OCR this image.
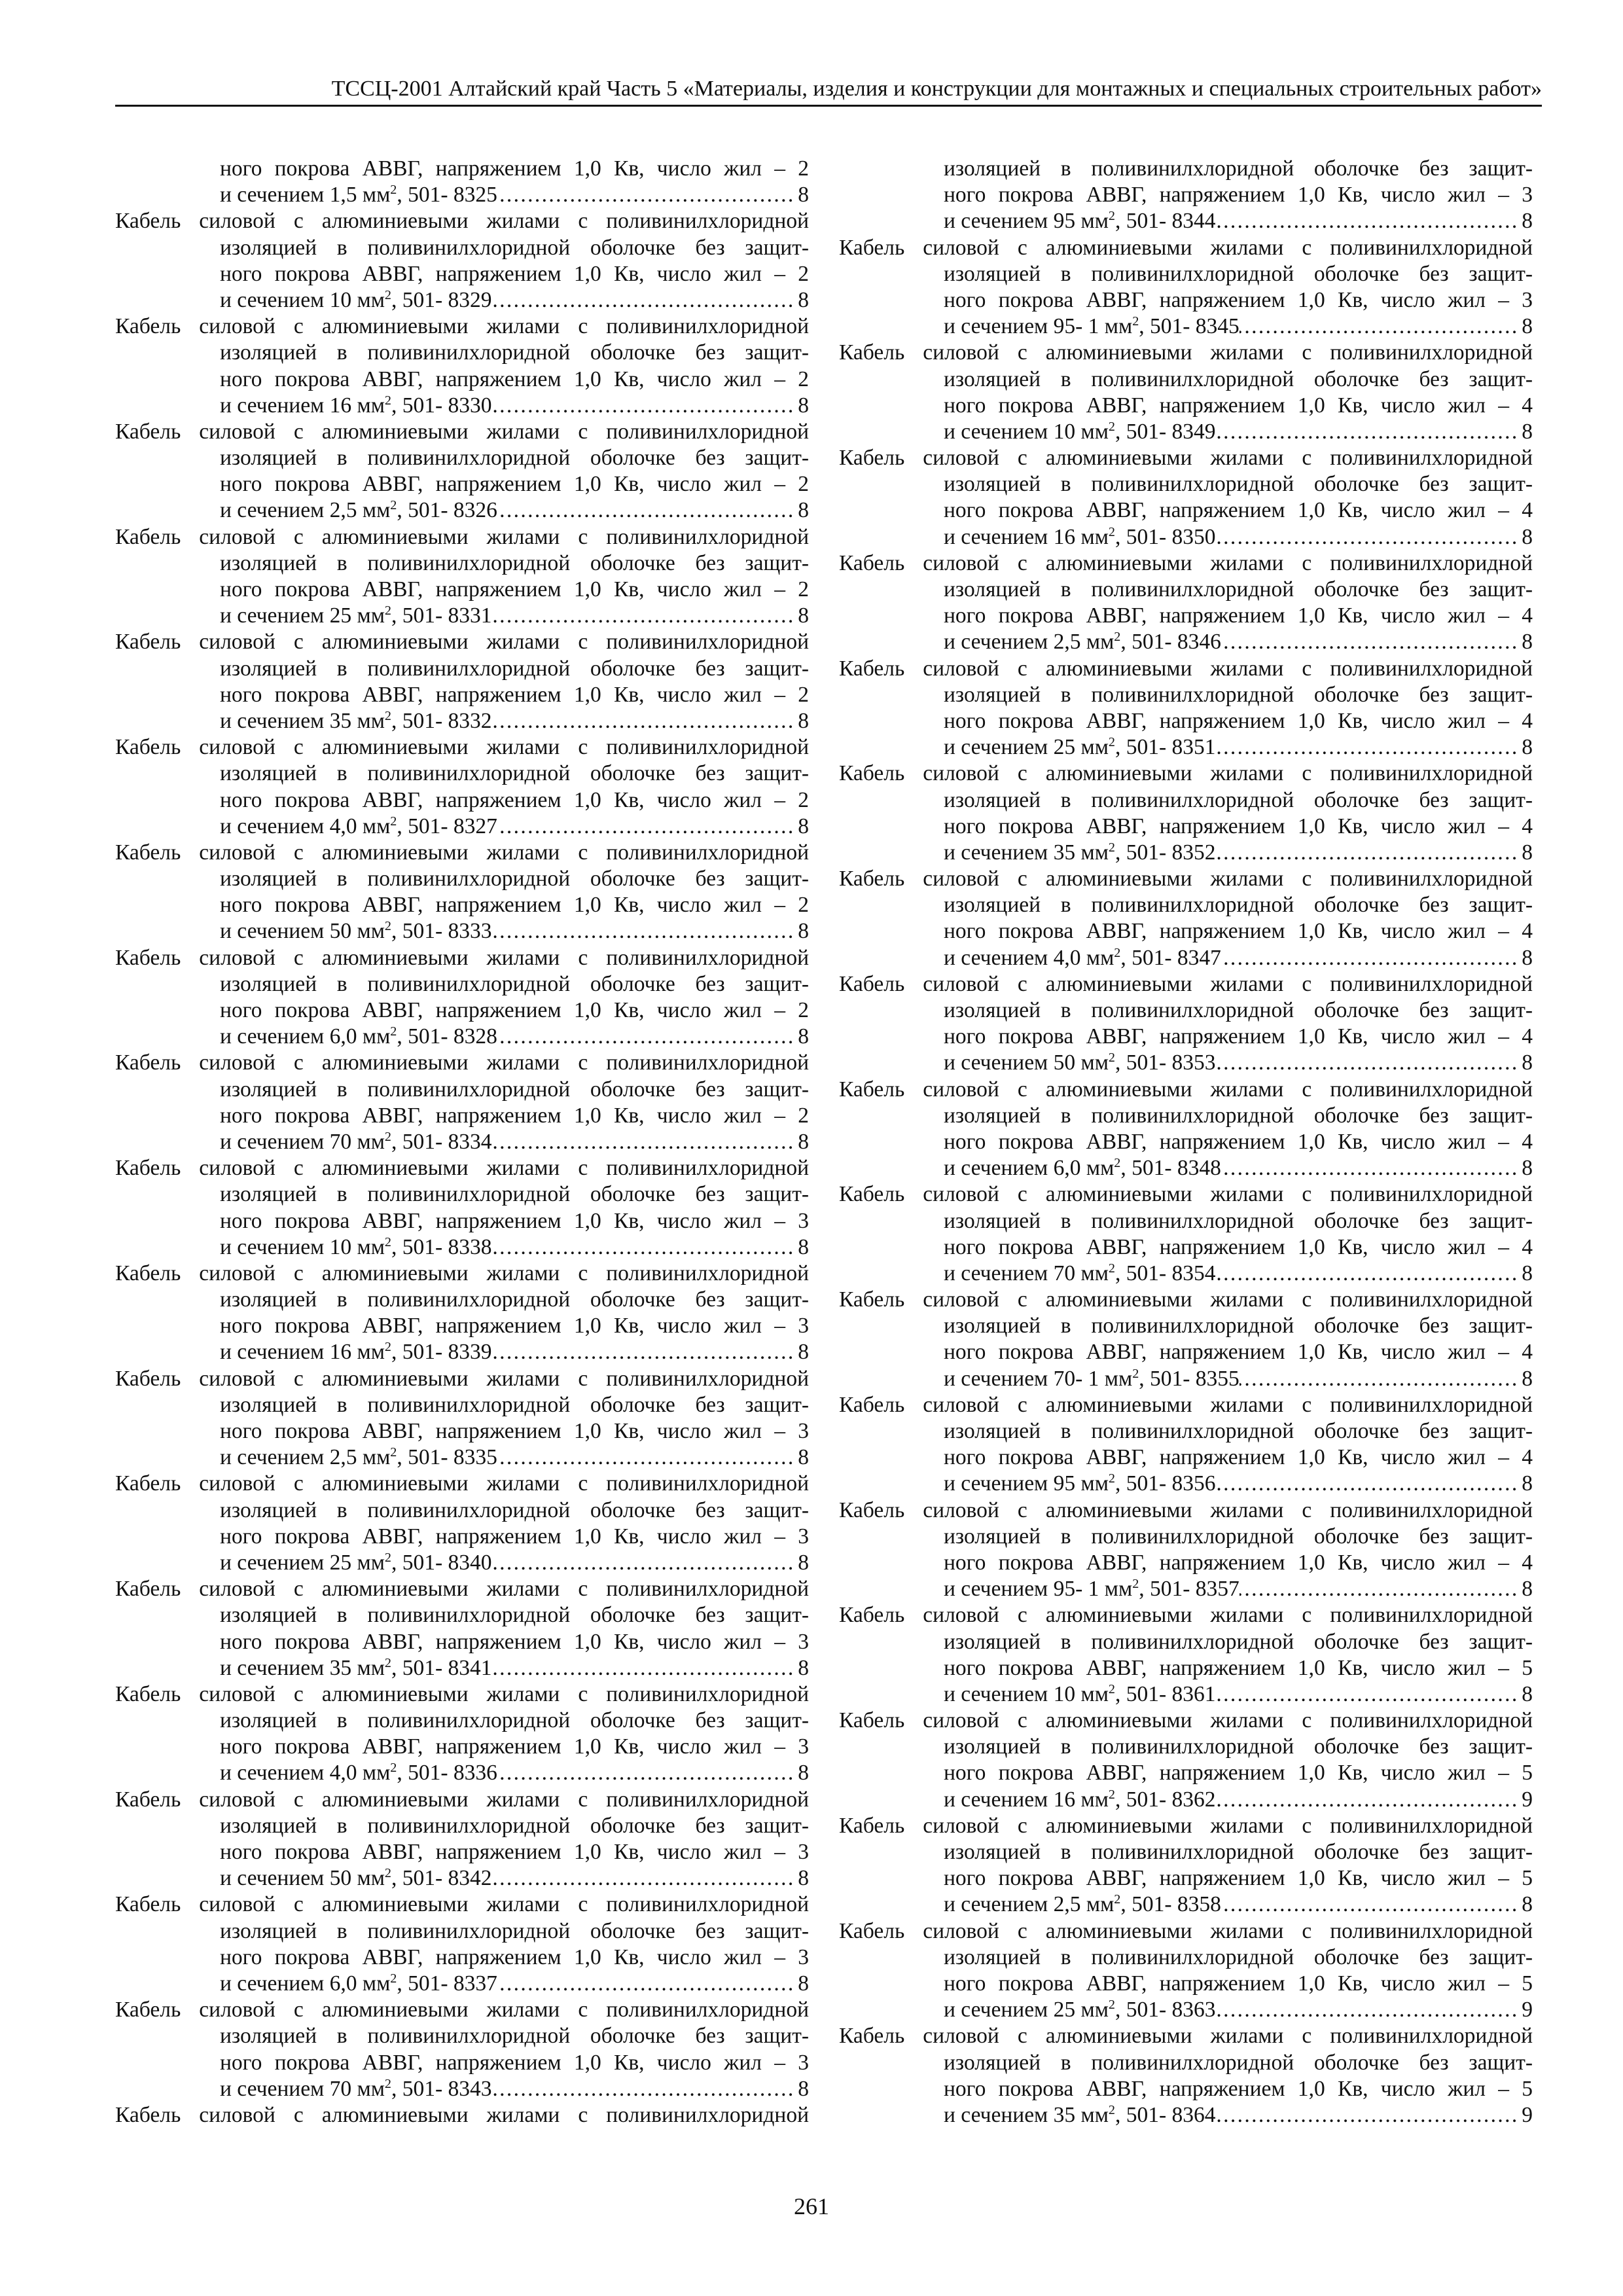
ТССЦ-2001 Алтайский край Часть 5 «Материалы, изделия и конструкции для монтажных и специальных строительных работ»
ного покрова АВВГ, напряжением 1,0 Кв, число жил – 2
и сечением 1,5 $мм^2$, 501- 8325 . . .	8
Кабель силовой с алюминиевыми жилами с поливинилхлоридной
изоляцией в поливинилхлоридной оболочке без защит-
ного покрова АВВГ, напряжением 1,0 Кв, число жил – 2
и сечением 10 $мм^2$, 501- 8329 . . .	8
Кабель силовой с алюминиевыми жилами с поливинилхлоридной
изоляцией в поливинилхлоридной оболочке без защит-
ного покрова АВВГ, напряжением 1,0 Кв, число жил – 2
и сечением 16 $мм^2$, 501- 8330 . . .	8
Кабель силовой с алюминиевыми жилами с поливинилхлоридной
изоляцией в поливинилхлоридной оболочке без защит-
ного покрова АВВГ, напряжением 1,0 Кв, число жил – 2
и сечением 2,5 $мм^2$, 501- 8326 . . .	8
Кабель силовой с алюминиевыми жилами с поливинилхлоридной
изоляцией в поливинилхлоридной оболочке без защит-
ного покрова АВВГ, напряжением 1,0 Кв, число жил – 2
и сечением 25 $мм^2$, 501- 8331 . . .	8
Кабель силовой с алюминиевыми жилами с поливинилхлоридной
изоляцией в поливинилхлоридной оболочке без защит-
ного покрова АВВГ, напряжением 1,0 Кв, число жил – 2
и сечением 35 $мм^2$, 501- 8332 . . .	8
Кабель силовой с алюминиевыми жилами с поливинилхлоридной
изоляцией в поливинилхлоридной оболочке без защит-
ного покрова АВВГ, напряжением 1,0 Кв, число жил – 2
и сечением 4,0 $мм^2$, 501- 8327 . . .	8
Кабель силовой с алюминиевыми жилами с поливинилхлоридной
изоляцией в поливинилхлоридной оболочке без защит-
ного покрова АВВГ, напряжением 1,0 Кв, число жил – 2
и сечением 50 $мм^2$, 501- 8333 . . .	8
Кабель силовой с алюминиевыми жилами с поливинилхлоридной
изоляцией в поливинилхлоридной оболочке без защит-
ного покрова АВВГ, напряжением 1,0 Кв, число жил – 2
и сечением 6,0 $мм^2$, 501- 8328 . . .	8
Кабель силовой с алюминиевыми жилами с поливинилхлоридной
изоляцией в поливинилхлоридной оболочке без защит-
ного покрова АВВГ, напряжением 1,0 Кв, число жил – 2
и сечением 70 $мм^2$, 501- 8334 . . .	8
Кабель силовой с алюминиевыми жилами с поливинилхлоридной
изоляцией в поливинилхлоридной оболочке без защит-
ного покрова АВВГ, напряжением 1,0 Кв, число жил – 3
и сечением 10 $мм^2$, 501- 8338 . . .	8
Кабель силовой с алюминиевыми жилами с поливинилхлоридной
изоляцией в поливинилхлоридной оболочке без защит-
ного покрова АВВГ, напряжением 1,0 Кв, число жил – 3
и сечением 16 $мм^2$, 501- 8339 . . .	8
Кабель силовой с алюминиевыми жилами с поливинилхлоридной
изоляцией в поливинилхлоридной оболочке без защит-
ного покрова АВВГ, напряжением 1,0 Кв, число жил – 3
и сечением 2,5 $мм^2$, 501- 8335 . . .	8
Кабель силовой с алюминиевыми жилами с поливинилхлоридной
изоляцией в поливинилхлоридной оболочке без защит-
ного покрова АВВГ, напряжением 1,0 Кв, число жил – 3
и сечением 25 $мм^2$, 501- 8340 . . .	8
Кабель силовой с алюминиевыми жилами с поливинилхлоридной
изоляцией в поливинилхлоридной оболочке без защит-
ного покрова АВВГ, напряжением 1,0 Кв, число жил – 3
и сечением 35 $мм^2$, 501- 8341 . . .	8
Кабель силовой с алюминиевыми жилами с поливинилхлоридной
изоляцией в поливинилхлоридной оболочке без защит-
ного покрова АВВГ, напряжением 1,0 Кв, число жил – 3
и сечением 4,0 $мм^2$, 501- 8336 . . .	8
Кабель силовой с алюминиевыми жилами с поливинилхлоридной
изоляцией в поливинилхлоридной оболочке без защит-
ного покрова АВВГ, напряжением 1,0 Кв, число жил – 3
и сечением 50 $мм^2$, 501- 8342 . . .	8
Кабель силовой с алюминиевыми жилами с поливинилхлоридной
изоляцией в поливинилхлоридной оболочке без защит-
ного покрова АВВГ, напряжением 1,0 Кв, число жил – 3
и сечением 6,0 $мм^2$, 501- 8337 . . .	8
Кабель силовой с алюминиевыми жилами с поливинилхлоридной
изоляцией в поливинилхлоридной оболочке без защит-
ного покрова АВВГ, напряжением 1,0 Кв, число жил – 3
и сечением 70 $мм^2$, 501- 8343 . . .	8
Кабель силовой с алюминиевыми жилами с поливинилхлоридной
изоляцией в поливинилхлоридной оболочке без защит-
ного покрова АВВГ, напряжением 1,0 Кв, число жил – 3
и сечением 95 $мм^2$, 501- 8344 . . .	8
Кабель силовой с алюминиевыми жилами с поливинилхлоридной
изоляцией в поливинилхлоридной оболочке без защит-
ного покрова АВВГ, напряжением 1,0 Кв, число жил – 3
и сечением 95- 1 $мм^2$, 501- 8345 . . .	8
Кабель силовой с алюминиевыми жилами с поливинилхлоридной
изоляцией в поливинилхлоридной оболочке без защит-
ного покрова АВВГ, напряжением 1,0 Кв, число жил – 4
и сечением 10 $мм^2$, 501- 8349 . . .	8
Кабель силовой с алюминиевыми жилами с поливинилхлоридной
изоляцией в поливинилхлоридной оболочке без защит-
ного покрова АВВГ, напряжением 1,0 Кв, число жил – 4
и сечением 16 $мм^2$, 501- 8350 . . .	8
Кабель силовой с алюминиевыми жилами с поливинилхлоридной
изоляцией в поливинилхлоридной оболочке без защит-
ного покрова АВВГ, напряжением 1,0 Кв, число жил – 4
и сечением 2,5 $мм^2$, 501- 8346 . . .	8
Кабель силовой с алюминиевыми жилами с поливинилхлоридной
изоляцией в поливинилхлоридной оболочке без защит-
ного покрова АВВГ, напряжением 1,0 Кв, число жил – 4
и сечением 25 $мм^2$, 501- 8351 . . .	8
Кабель силовой с алюминиевыми жилами с поливинилхлоридной
изоляцией в поливинилхлоридной оболочке без защит-
ного покрова АВВГ, напряжением 1,0 Кв, число жил – 4
и сечением 35 $мм^2$, 501- 8352 . . .	8
Кабель силовой с алюминиевыми жилами с поливинилхлоридной
изоляцией в поливинилхлоридной оболочке без защит-
ного покрова АВВГ, напряжением 1,0 Кв, число жил – 4
и сечением 4,0 $мм^2$, 501- 8347 . . .	8
Кабель силовой с алюминиевыми жилами с поливинилхлоридной
изоляцией в поливинилхлоридной оболочке без защит-
ного покрова АВВГ, напряжением 1,0 Кв, число жил – 4
и сечением 50 $мм^2$, 501- 8353 . . .	8
Кабель силовой с алюминиевыми жилами с поливинилхлоридной
изоляцией в поливинилхлоридной оболочке без защит-
ного покрова АВВГ, напряжением 1,0 Кв, число жил – 4
и сечением 6,0 $мм^2$, 501- 8348 . . .	8
Кабель силовой с алюминиевыми жилами с поливинилхлоридной
изоляцией в поливинилхлоридной оболочке без защит-
ного покрова АВВГ, напряжением 1,0 Кв, число жил – 4
и сечением 70 $мм^2$, 501- 8354 . . .	8
Кабель силовой с алюминиевыми жилами с поливинилхлоридной
изоляцией в поливинилхлоридной оболочке без защит-
ного покрова АВВГ, напряжением 1,0 Кв, число жил – 4
и сечением 70- 1 $мм^2$, 501- 8355 . . .	8
Кабель силовой с алюминиевыми жилами с поливинилхлоридной
изоляцией в поливинилхлоридной оболочке без защит-
ного покрова АВВГ, напряжением 1,0 Кв, число жил – 4
и сечением 95 $мм^2$, 501- 8356 . . .	8
Кабель силовой с алюминиевыми жилами с поливинилхлоридной
изоляцией в поливинилхлоридной оболочке без защит-
ного покрова АВВГ, напряжением 1,0 Кв, число жил – 4
и сечением 95- 1 $мм^2$, 501- 8357 . . .	8
Кабель силовой с алюминиевыми жилами с поливинилхлоридной
изоляцией в поливинилхлоридной оболочке без защит-
ного покрова АВВГ, напряжением 1,0 Кв, число жил – 5
и сечением 10 $мм^2$, 501- 8361 . . .	8
Кабель силовой с алюминиевыми жилами с поливинилхлоридной
изоляцией в поливинилхлоридной оболочке без защит-
ного покрова АВВГ, напряжением 1,0 Кв, число жил – 5
и сечением 16 $мм^2$, 501- 8362 . . .	9
Кабель силовой с алюминиевыми жилами с поливинилхлоридной
изоляцией в поливинилхлоридной оболочке без защит-
ного покрова АВВГ, напряжением 1,0 Кв, число жил – 5
и сечением 2,5 $мм^2$, 501- 8358 . . .	8
Кабель силовой с алюминиевыми жилами с поливинилхлоридной
изоляцией в поливинилхлоридной оболочке без защит-
ного покрова АВВГ, напряжением 1,0 Кв, число жил – 5
и сечением 25 $мм^2$, 501- 8363 . . .	9
Кабель силовой с алюминиевыми жилами с поливинилхлоридной
изоляцией в поливинилхлоридной оболочке без защит-
ного покрова АВВГ, напряжением 1,0 Кв, число жил – 5
и сечением 35 $мм^2$, 501- 8364 . . .	9
261
